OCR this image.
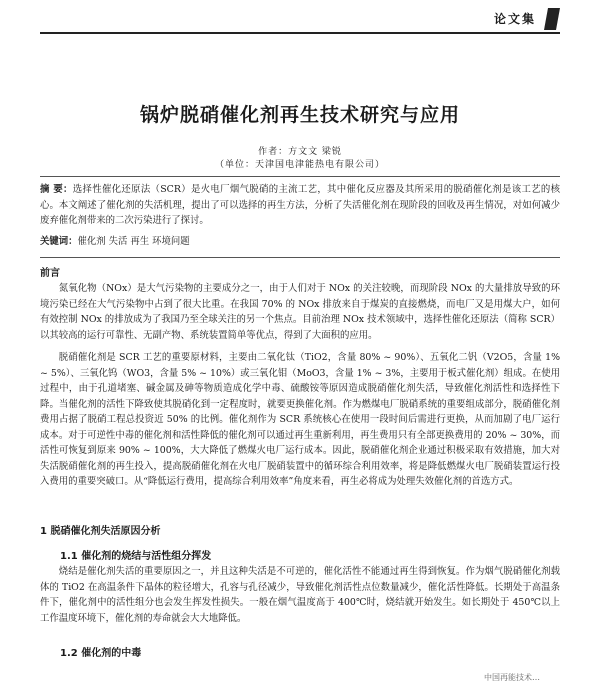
论文集
锅炉脱硝催化剂再生技术研究与应用
作者：方文文 梁锐
（单位：天津国电津能热电有限公司）
摘 要：选择性催化还原法（SCR）是火电厂烟气脱硝的主流工艺，其中催化反应器及其所采用的脱硝催化剂是该工艺的核心。本文阐述了催化剂的失活机理，提出了可以选择的再生方法，分析了失活催化剂在现阶段的回收及再生情况，对如何减少废弃催化剂带来的二次污染进行了探讨。
关键词：催化剂 失活 再生 环境问题
前言
氮氧化物（NOx）是大气污染物的主要成分之一，由于人们对于 NOx 的关注较晚，而现阶段 NOx 的大量排放导致的环境污染已经在大气污染物中占到了很大比重。在我国 70% 的 NOx 排放来自于煤炭的直接燃烧，而电厂又是用煤大户，如何有效控制 NOx 的排放成为了我国乃至全球关注的另一个焦点。目前治理 NOx 技术领域中，选择性催化还原法（简称 SCR）以其较高的运行可靠性、无副产物、系统装置简单等优点，得到了大面积的应用。
脱硝催化剂是 SCR 工艺的重要原材料，主要由二氧化钛（TiO2，含量 80% ~ 90%）、五氧化二钒（V2O5，含量 1% ~ 5%）、三氧化钨（WO3，含量 5% ~ 10%）或三氧化钼（MoO3，含量 1% ~ 3%，主要用于板式催化剂）组成。在使用过程中，由于孔道堵塞、碱金属及砷等物质造成化学中毒、硫酸铵等原因造成脱硝催化剂失活，导致催化剂活性和选择性下降。当催化剂的活性下降致使其脱硝化到一定程度时，就要更换催化剂。作为燃煤电厂脱硝系统的重要组成部分，脱硝催化剂费用占据了脱硝工程总投资近 50% 的比例。催化剂作为 SCR 系统核心在使用一段时间后需进行更换，从而加剧了电厂运行成本。对于可逆性中毒的催化剂和活性降低的催化剂可以通过再生重新利用，再生费用只有全部更换费用的 20% ~ 30%，而活性可恢复到原来 90% ~ 100%，大大降低了燃煤火电厂运行成本。因此，脱硝催化剂企业通过积极采取有效措施，加大对失活脱硝催化剂的再生投入，提高脱硝催化剂在火电厂脱硝装置中的循环综合利用效率，将是降低燃煤火电厂脱硝装置运行投入费用的重要突破口。从“降低运行费用，提高综合利用效率”角度来看，再生必将成为处理失效催化剂的首选方式。
1 脱硝催化剂失活原因分析
1.1 催化剂的烧结与活性组分挥发
烧结是催化剂失活的重要原因之一，并且这种失活是不可逆的，催化活性不能通过再生得到恢复。作为烟气脱硝催化剂载体的 TiO2 在高温条件下晶体的粒径增大，孔容与孔径减少，导致催化剂活性点位数量减少，催化活性降低。长期处于高温条件下，催化剂中的活性组分也会发生挥发性损失。一般在烟气温度高于 400℃时，烧结就开始发生。如长期处于 450℃以上工作温度环境下，催化剂的寿命就会大大地降低。
1.2 催化剂的中毒
中国再能技术…
